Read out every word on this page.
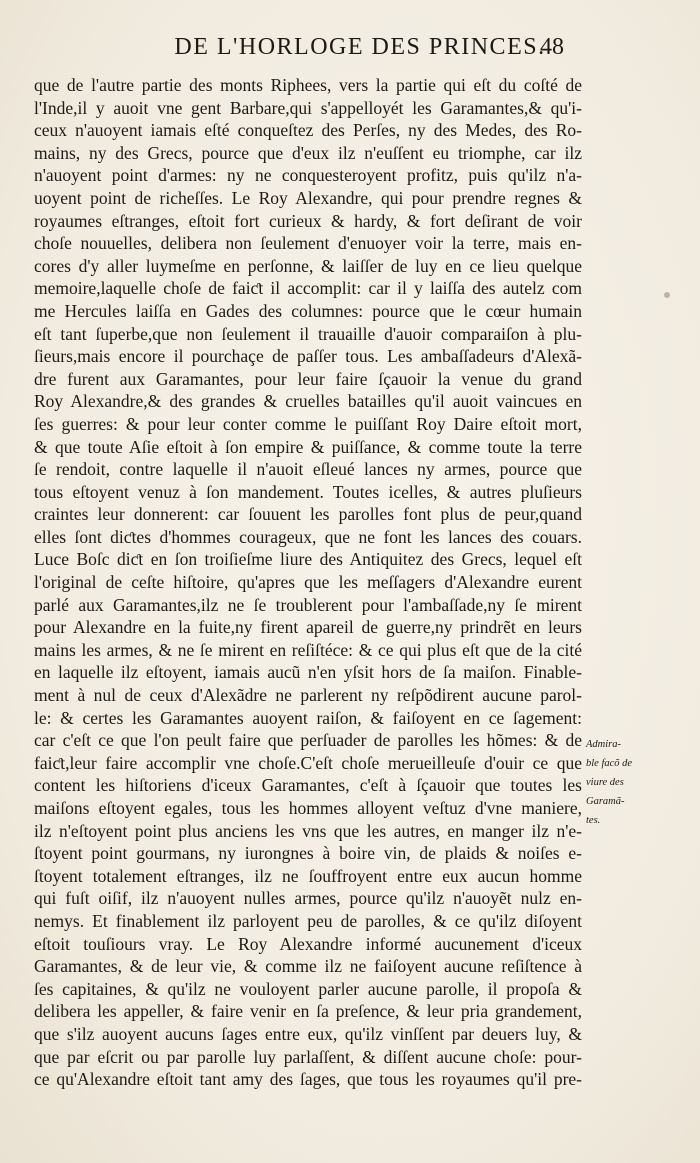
DE L'HORLOGE DES PRINCES.
48
que de l'autre partie des monts Riphees, vers la partie qui eſt du coſté de
l'Inde,il y auoit vne gent Barbare,qui s'appelloyét les Garamantes,& qu'i-
ceux n'auoyent iamais eſté conqueſtez des Perſes, ny des Medes, des Ro-
mains, ny des Grecs, pource que d'eux ilz n'euſſent eu triomphe, car ilz
n'auoyent point d'armes: ny ne conquesteroyent profitz, puis qu'ilz n'a-
uoyent point de richeſſes. Le Roy Alexandre, qui pour prendre regnes &
royaumes eſtranges, eſtoit fort curieux & hardy, & fort deſirant de voir
choſe nouuelles, delibera non ſeulement d'enuoyer voir la terre, mais en-
cores d'y aller luymeſme en perſonne, & laiſſer de luy en ce lieu quelque
memoire,laquelle choſe de faiƈt il accomplit: car il y laiſſa des autelz com
me Hercules laiſſa en Gades des columnes: pource que le cœur humain
eſt tant ſuperbe,que non ſeulement il trauaille d'auoir comparaiſon à plu-
ſieurs,mais encore il pourchaçe de paſſer tous. Les ambaſſadeurs d'Alexã-
dre furent aux Garamantes, pour leur faire ſçauoir la venue du grand
Roy Alexandre,& des grandes & cruelles batailles qu'il auoit vaincues en
ſes guerres: & pour leur conter comme le puiſſant Roy Daire eſtoit mort,
& que toute Aſie eſtoit à ſon empire & puiſſance, & comme toute la terre
ſe rendoit, contre laquelle il n'auoit eſleué lances ny armes, pource que
tous eſtoyent venuz à ſon mandement. Toutes icelles, & autres pluſieurs
craintes leur donnerent: car ſouuent les parolles font plus de peur,quand
elles ſont diƈtes d'hommes courageux, que ne font les lances des couars.
Luce Boſc diƈt en ſon troiſieſme liure des Antiquitez des Grecs, lequel eſt
l'original de ceſte hiſtoire, qu'apres que les meſſagers d'Alexandre eurent
parlé aux Garamantes,ilz ne ſe troublerent pour l'ambaſſade,ny ſe mirent
pour Alexandre en la fuite,ny firent apareil de guerre,ny prindrẽt en leurs
mains les armes, & ne ſe mirent en reſiſtéce: & ce qui plus eſt que de la cité
en laquelle ilz eſtoyent, iamais aucũ n'en yſsit hors de ſa maiſon. Finable-
ment à nul de ceux d'Alexãdre ne parlerent ny reſpõdirent aucune parol-
le: & certes les Garamantes auoyent raiſon, & faiſoyent en ce ſagement:
car c'eſt ce que l'on peult faire que perſuader de parolles les hõmes: & de
faiƈt,leur faire accomplir vne choſe.C'eſt choſe merueilleuſe d'ouir ce que
content les hiſtoriens d'iceux Garamantes, c'eſt à ſçauoir que toutes les
maiſons eſtoyent egales, tous les hommes alloyent veſtuz d'vne maniere,
ilz n'eſtoyent point plus anciens les vns que les autres, en manger ilz n'e-
ſtoyent point gourmans, ny iurongnes à boire vin, de plaids & noiſes e-
ſtoyent totalement eſtranges, ilz ne ſouffroyent entre eux aucun homme
qui fuſt oiſif, ilz n'auoyent nulles armes, pource qu'ilz n'auoyẽt nulz en-
nemys. Et finablement ilz parloyent peu de parolles, & ce qu'ilz diſoyent
eſtoit touſiours vray. Le Roy Alexandre informé aucunement d'iceux
Garamantes, & de leur vie, & comme ilz ne faiſoyent aucune reſiſtence à
ſes capitaines, & qu'ilz ne vouloyent parler aucune parolle, il propoſa &
delibera les appeller, & faire venir en ſa preſence, & leur pria grandement,
que s'ilz auoyent aucuns ſages entre eux, qu'ilz vinſſent par deuers luy, &
que par eſcrit ou par parolle luy parlaſſent, & diſſent aucune choſe: pour-
ce qu'Alexandre eſtoit tant amy des ſages, que tous les royaumes qu'il pre-
Admira-
ble facõ de
viure des
Garamã-
tes.
